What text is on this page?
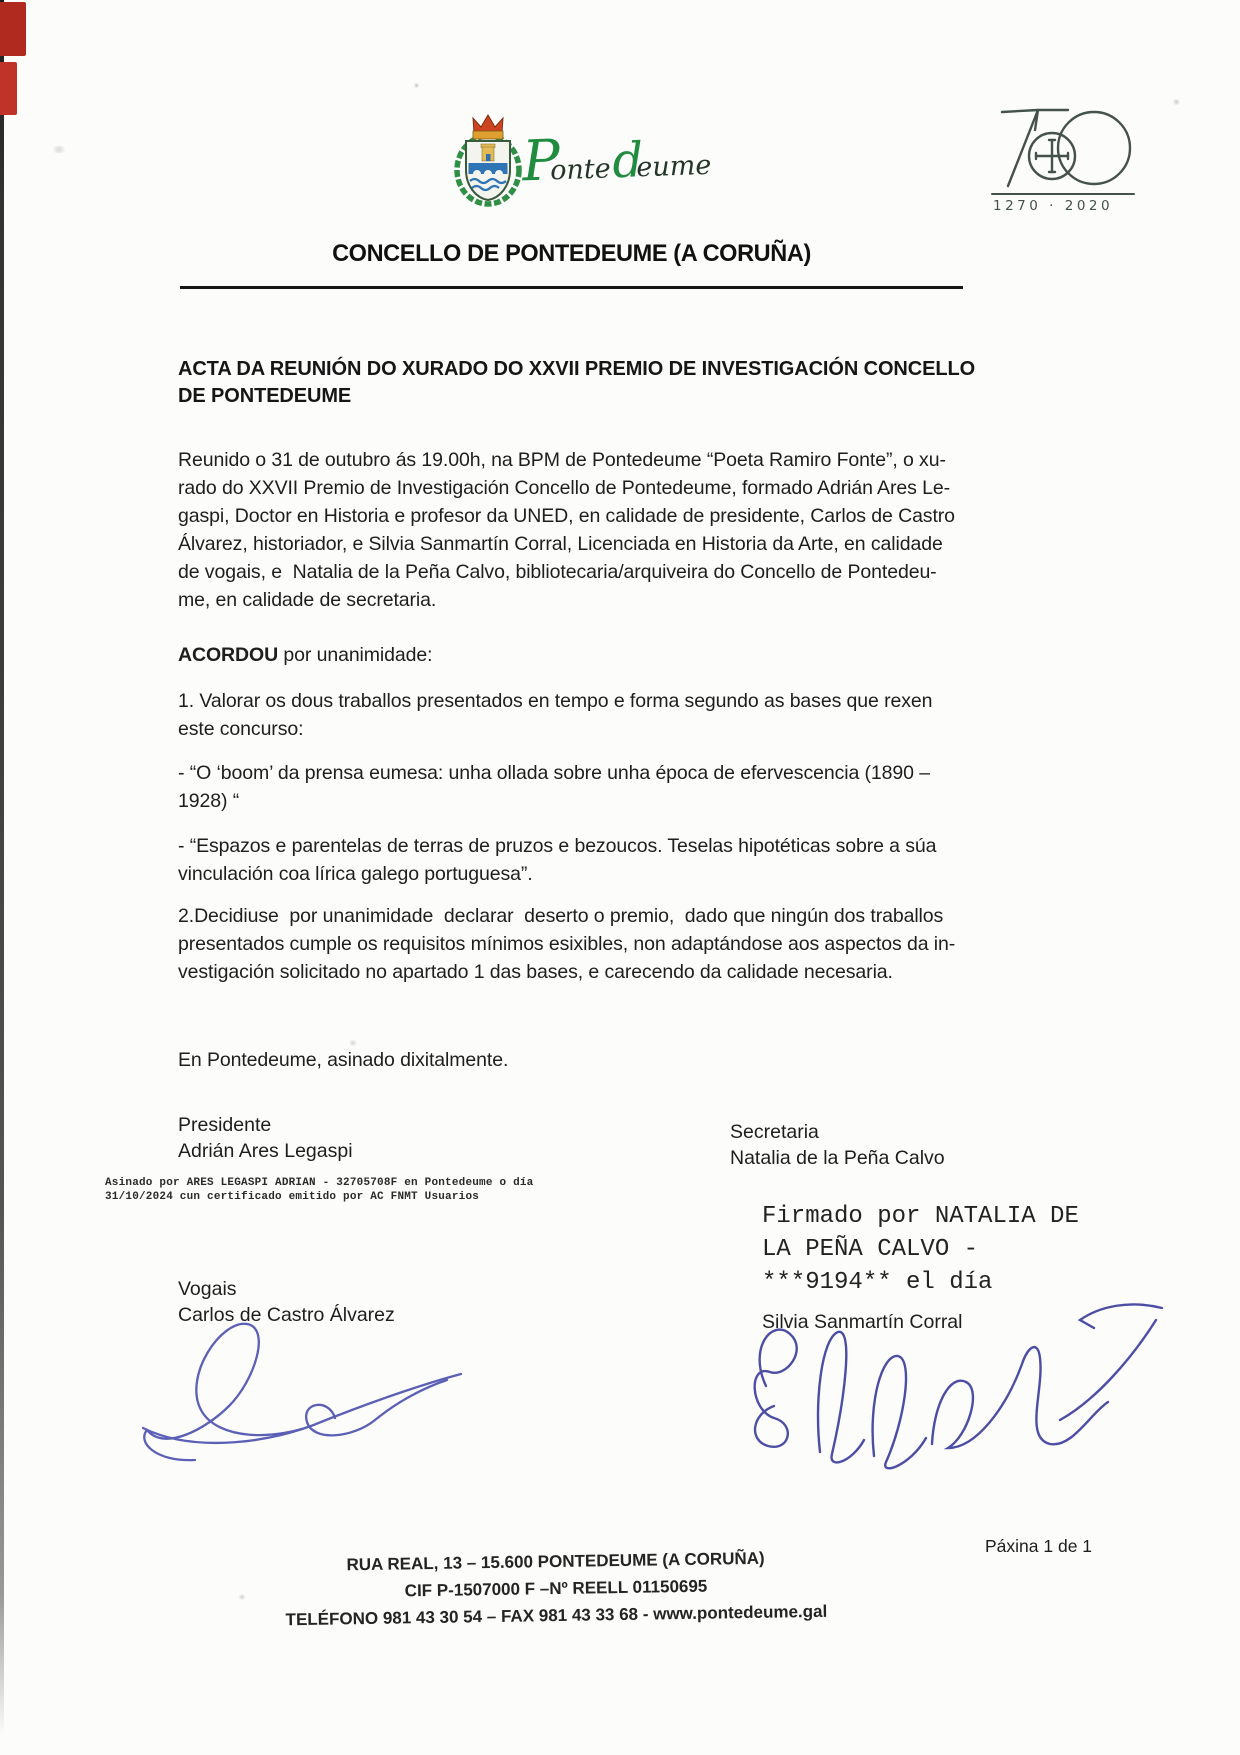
Pontedeume
1270 · 2020
CONCELLO DE PONTEDEUME (A CORUÑA)
ACTA DA REUNIÓN DO XURADO DO XXVII PREMIO DE INVESTIGACIÓN CONCELLO
DE PONTEDEUME
Reunido o 31 de outubro ás 19.00h, na BPM de Pontedeume “Poeta Ramiro Fonte”, o xu-
rado do XXVII Premio de Investigación Concello de Pontedeume, formado Adrián Ares Le-
gaspi, Doctor en Historia e profesor da UNED, en calidade de presidente, Carlos de Castro
Álvarez, historiador, e Silvia Sanmartín Corral, Licenciada en Historia da Arte, en calidade
de vogais, e  Natalia de la Peña Calvo, bibliotecaria/arquiveira do Concello de Pontedeu-
me, en calidade de secretaria.
ACORDOU por unanimidade:
1. Valorar os dous traballos presentados en tempo e forma segundo as bases que rexen
este concurso:
- “O ‘boom’ da prensa eumesa: unha ollada sobre unha época de efervescencia (1890 –
1928) “
- “Espazos e parentelas de terras de pruzos e bezoucos. Teselas hipotéticas sobre a súa
vinculación coa lírica galego portuguesa”.
2.Decidiuse  por unanimidade  declarar  deserto o premio,  dado que ningún dos traballos
presentados cumple os requisitos mínimos esixibles, non adaptándose aos aspectos da in-
vestigación solicitado no apartado 1 das bases, e carecendo da calidade necesaria.
En Pontedeume, asinado dixitalmente.
Presidente
Adrián Ares Legaspi
Secretaria
Natalia de la Peña Calvo
Asinado por ARES LEGASPI ADRIAN - 32705708F en Pontedeume o día
31/10/2024 cun certificado emitido por AC FNMT Usuarios
Firmado por NATALIA DE
LA PEÑA CALVO -
***9194** el día
Vogais
Carlos de Castro Álvarez	Silvia Sanmartín Corral
RUA REAL, 13 – 15.600 PONTEDEUME (A CORUÑA)
CIF P-1507000 F –Nº REELL 01150695
TELÉFONO 981 43 30 54 – FAX 981 43 33 68 - www.pontedeume.gal
Páxina 1 de 1
